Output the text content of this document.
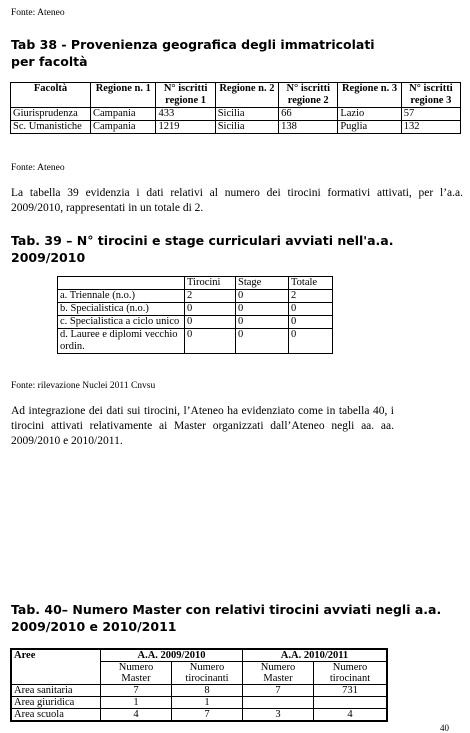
Fonte: Ateneo
Tab 38 - Provenienza geografica degli immatricolati per facoltà
Facoltà	Regione n. 1	N° iscritti regione 1	Regione n. 2	N° iscritti regione 2	Regione n. 3	N° iscritti regione 3
Giurisprudenza	Campania	433	Sicilia	66	Lazio	57
Sc. Umanistiche	Campania	1219	Sicilia	138	Puglia	132
Fonte: Ateneo
La tabella 39 evidenzia i dati relativi al numero dei tirocini formativi attivati, per l’a.a. 2009/2010, rappresentati in un totale di 2.
Tab. 39 – N° tirocini e stage curriculari avviati nell'a.a. 2009/2010
	Tirocini	Stage	Totale
a. Triennale (n.o.)	2	0	2
b. Specialistica (n.o.)	0	0	0
c. Specialistica a ciclo unico	0	0	0
d. Lauree e diplomi vecchio ordin.	0	0	0
Fonte: rilevazione Nuclei 2011 Cnvsu
Ad integrazione dei dati sui tirocini, l’Ateneo ha evidenziato come in tabella 40, i tirocini attivati relativamente ai Master organizzati dall’Ateneo negli aa. aa. 2009/2010 e 2010/2011.
Tab. 40– Numero Master con relativi tirocini avviati negli a.a. 2009/2010 e 2010/2011
Aree	A.A. 2009/2010		A.A. 2010/2011	
	Numero Master	Numero tirocinanti	Numero Master	Numero tirocinant
Area sanitaria	7	8	7	731
Area giuridica	1	1		
Area scuola	4	7	3	4
40
